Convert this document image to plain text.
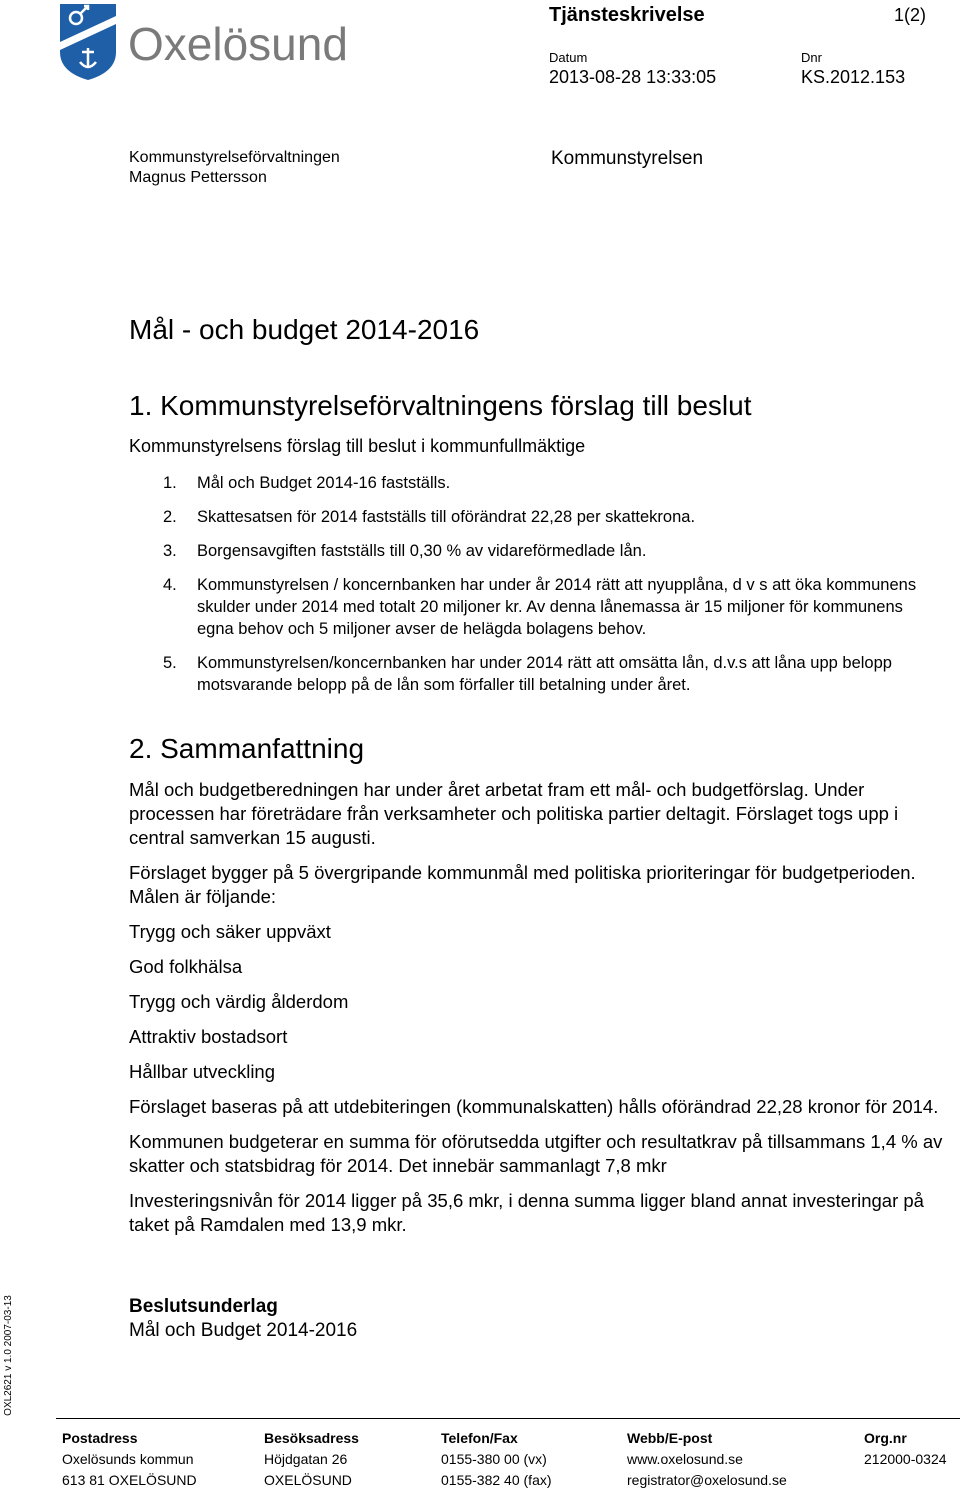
Oxelösund
Tjänsteskrivelse	1(2)
Datum
2013-08-28 13:33:05
Dnr
KS.2012.153
Kommunstyrelseförvaltningen
Magnus Pettersson
Kommunstyrelsen
Mål - och budget 2014-2016
1. Kommunstyrelseförvaltningens förslag till beslut
Kommunstyrelsens förslag till beslut i kommunfullmäktige
1.	Mål och Budget 2014-16 fastställs.
2.	Skattesatsen för 2014 fastställs till oförändrat 22,28 per skattekrona.
3.	Borgensavgiften fastställs till 0,30 % av vidareförmedlade lån.
4.	Kommunstyrelsen / koncernbanken har under år 2014 rätt att nyupplåna, d v s att öka kommunens skulder under 2014 med totalt 20 miljoner kr. Av denna lånemassa är 15 miljoner för kommunens egna behov och 5 miljoner avser de helägda bolagens behov.
5.	Kommunstyrelsen/koncernbanken har under 2014 rätt att omsätta lån, d.v.s att låna upp belopp motsvarande belopp på de lån som förfaller till betalning under året.
2. Sammanfattning

Mål och budgetberedningen har under året arbetat fram ett mål- och budgetförslag. Under processen har företrädare från verksamheter och politiska partier deltagit. Förslaget togs upp i central samverkan 15 augusti.

Förslaget bygger på 5 övergripande kommunmål med politiska prioriteringar för budgetperioden. Målen är följande:

Trygg och säker uppväxt
God folkhälsa
Trygg och värdig ålderdom
Attraktiv bostadsort
Hållbar utveckling

Förslaget baseras på att utdebiteringen (kommunalskatten) hålls oförändrad 22,28 kronor för 2014.

Kommunen budgeterar en summa för oförutsedda utgifter och resultatkrav på tillsammans 1,4 % av skatter och statsbidrag för 2014. Det innebär sammanlagt 7,8 mkr

Investeringsnivån för 2014 ligger på 35,6 mkr, i denna summa ligger bland annat investeringar på taket på Ramdalen med 13,9 mkr.

Beslutsunderlag
Mål och Budget 2014-2016
OXL2621 v 1.0 2007-03-13
Postadress
Oxelösunds kommun
613 81 OXELÖSUND
Besöksadress
Höjdgatan 26
OXELÖSUND
Telefon/Fax
0155-380 00 (vx)
0155-382 40 (fax)
Webb/E-post
www.oxelosund.se
registrator@oxelosund.se
Org.nr
212000-0324
